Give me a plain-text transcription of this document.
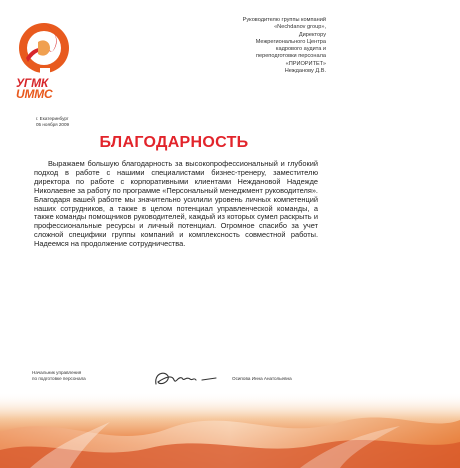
УГМК
UMMC
Руководителю группы компаний
«Nechdanov group»,
Директору
Межрегионального Центра
кадрового аудита и
переподготовки персонала
«ПРИОРИТЕТ»
Нежданову Д.В.
г. Екатеринбург
05 ноября 2009
БЛАГОДАРНОСТЬ
Выражаем большую благодарность за высокопрофессиональный и глубокий подход в работе с нашими специалистами бизнес-тренеру, заместителю директора по работе с корпоративными клиентами Неждановой Надежде Николаевне за работу по программе «Персональный менеджмент руководителя». Благодаря вашей работе мы значительно усилили уровень личных компетенций наших сотрудников, а также в целом потенциал управленческой команды, а также команды помощников руководителей, каждый из которых сумел раскрыть и профессиональные ресурсы и личный потенциал. Огромное спасибо за учет сложной специфики группы компаний и комплексность совместной работы. Надеемся на продолжение сотрудничества.
Начальник управления
по подготовке персонала	Осипова Инна Анатольевна
